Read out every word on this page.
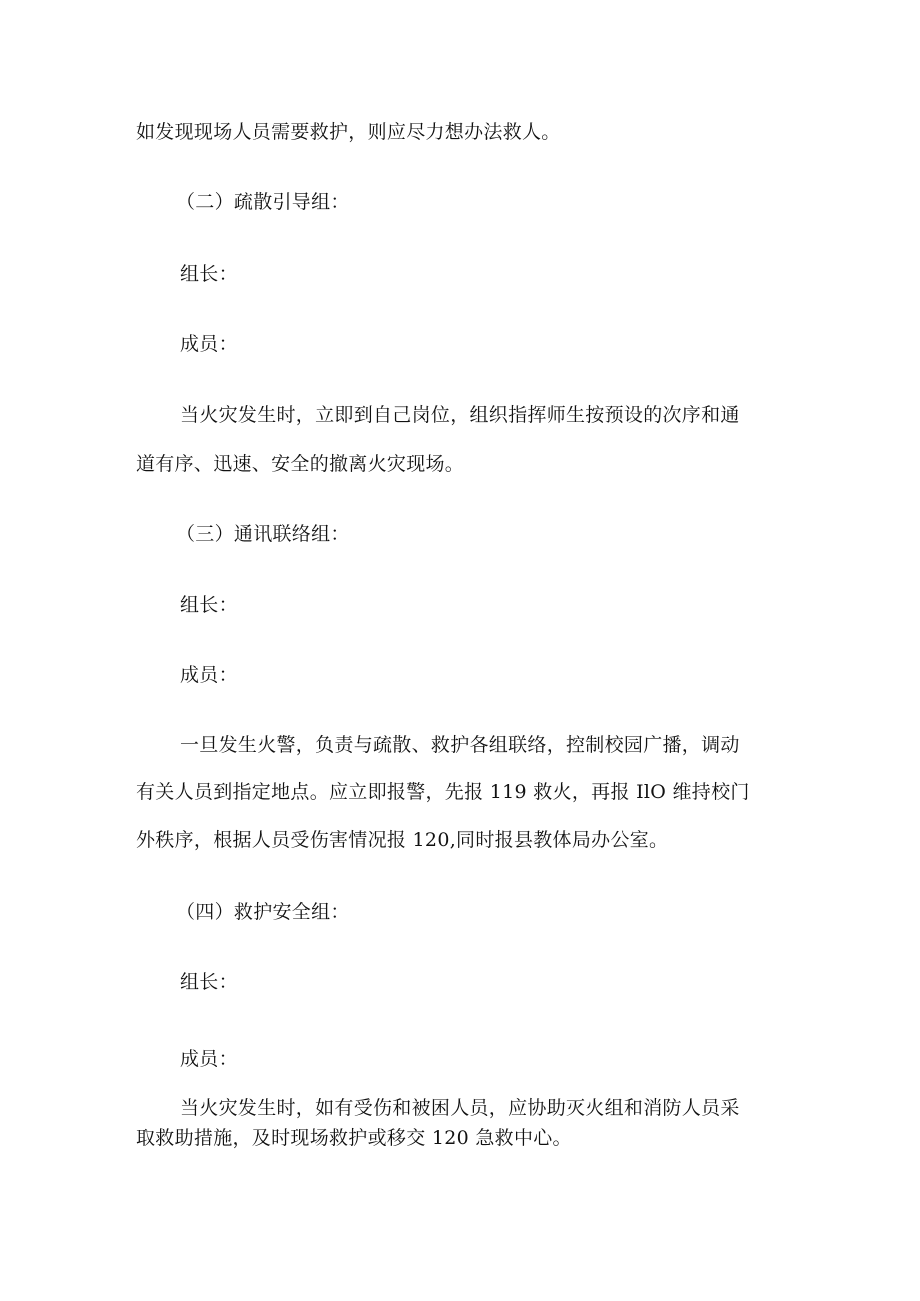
如发现现场人员需要救护，则应尽力想办法救人。
（二）疏散引导组：
组长：
成员：
当火灾发生时，立即到自己岗位，组织指挥师生按预设的次序和通
道有序、迅速、安全的撤离火灾现场。
（三）通讯联络组：
组长：
成员：
一旦发生火警，负责与疏散、救护各组联络，控制校园广播，调动
有关人员到指定地点。应立即报警，先报 119 救火，再报 IlO 维持校门
外秩序，根据人员受伤害情况报 120,同时报县教体局办公室。
（四）救护安全组：
组长：
成员：
当火灾发生时，如有受伤和被困人员，应协助灭火组和消防人员采
取救助措施，及时现场救护或移交 120 急救中心。
